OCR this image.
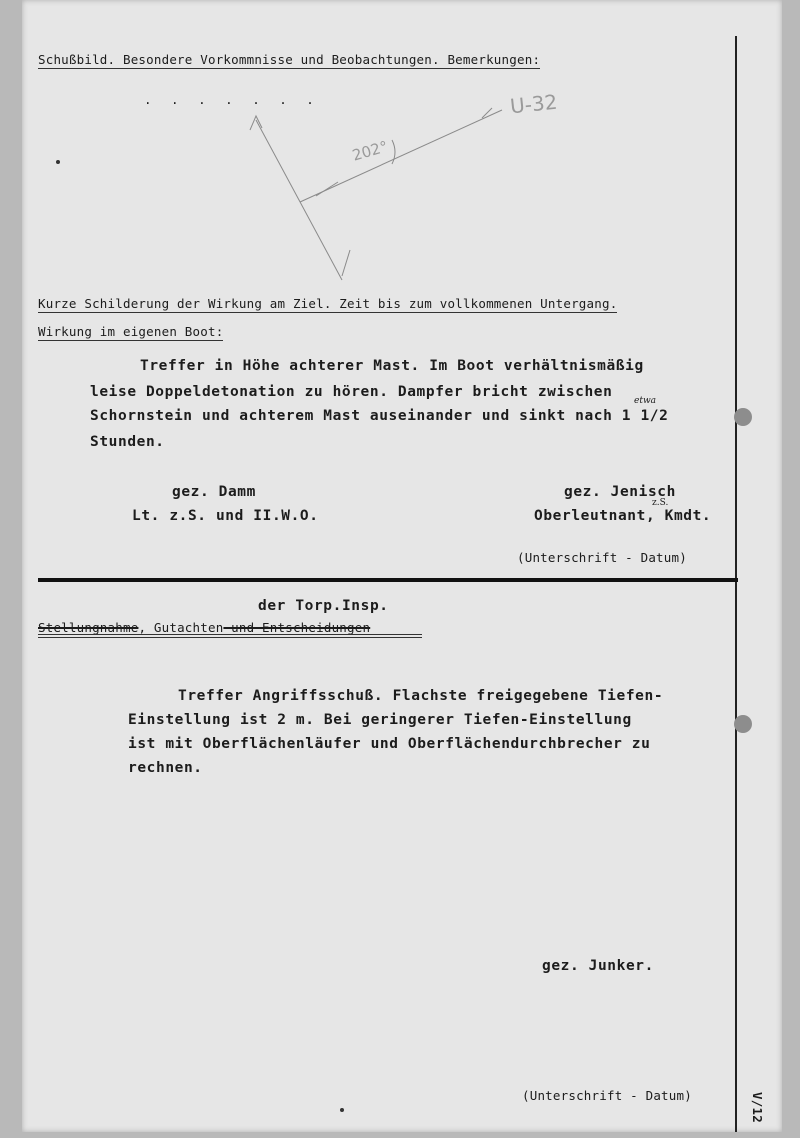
Schußbild. Besondere Vorkommnisse und Beobachtungen. Bemerkungen:
. . . . . . .	U-32
202°
Kurze Schilderung der Wirkung am Ziel. Zeit bis zum vollkommenen Untergang.
Wirkung im eigenen Boot:
Treffer in Höhe achterer Mast. Im Boot verhältnismäßig
leise Doppeldetonation zu hören. Dampfer bricht zwischen
Schornstein und achterem Mast auseinander und sinkt nach 1 1/2
Stunden.
etwa
gez. Damm
Lt. z.S. und II.W.O.
gez. Jenisch
Oberleutnant, Kmdt.
z.S.
(Unterschrift - Datum)
der Torp.Insp.
Stellungnahme, Gutachten und Entscheidungen
Treffer Angriffsschuß. Flachste freigegebene Tiefen-
Einstellung ist 2 m. Bei geringerer Tiefen-Einstellung
ist mit Oberflächenläufer und Oberflächendurchbrecher zu
rechnen.
gez. Junker.
(Unterschrift - Datum)	V/12
